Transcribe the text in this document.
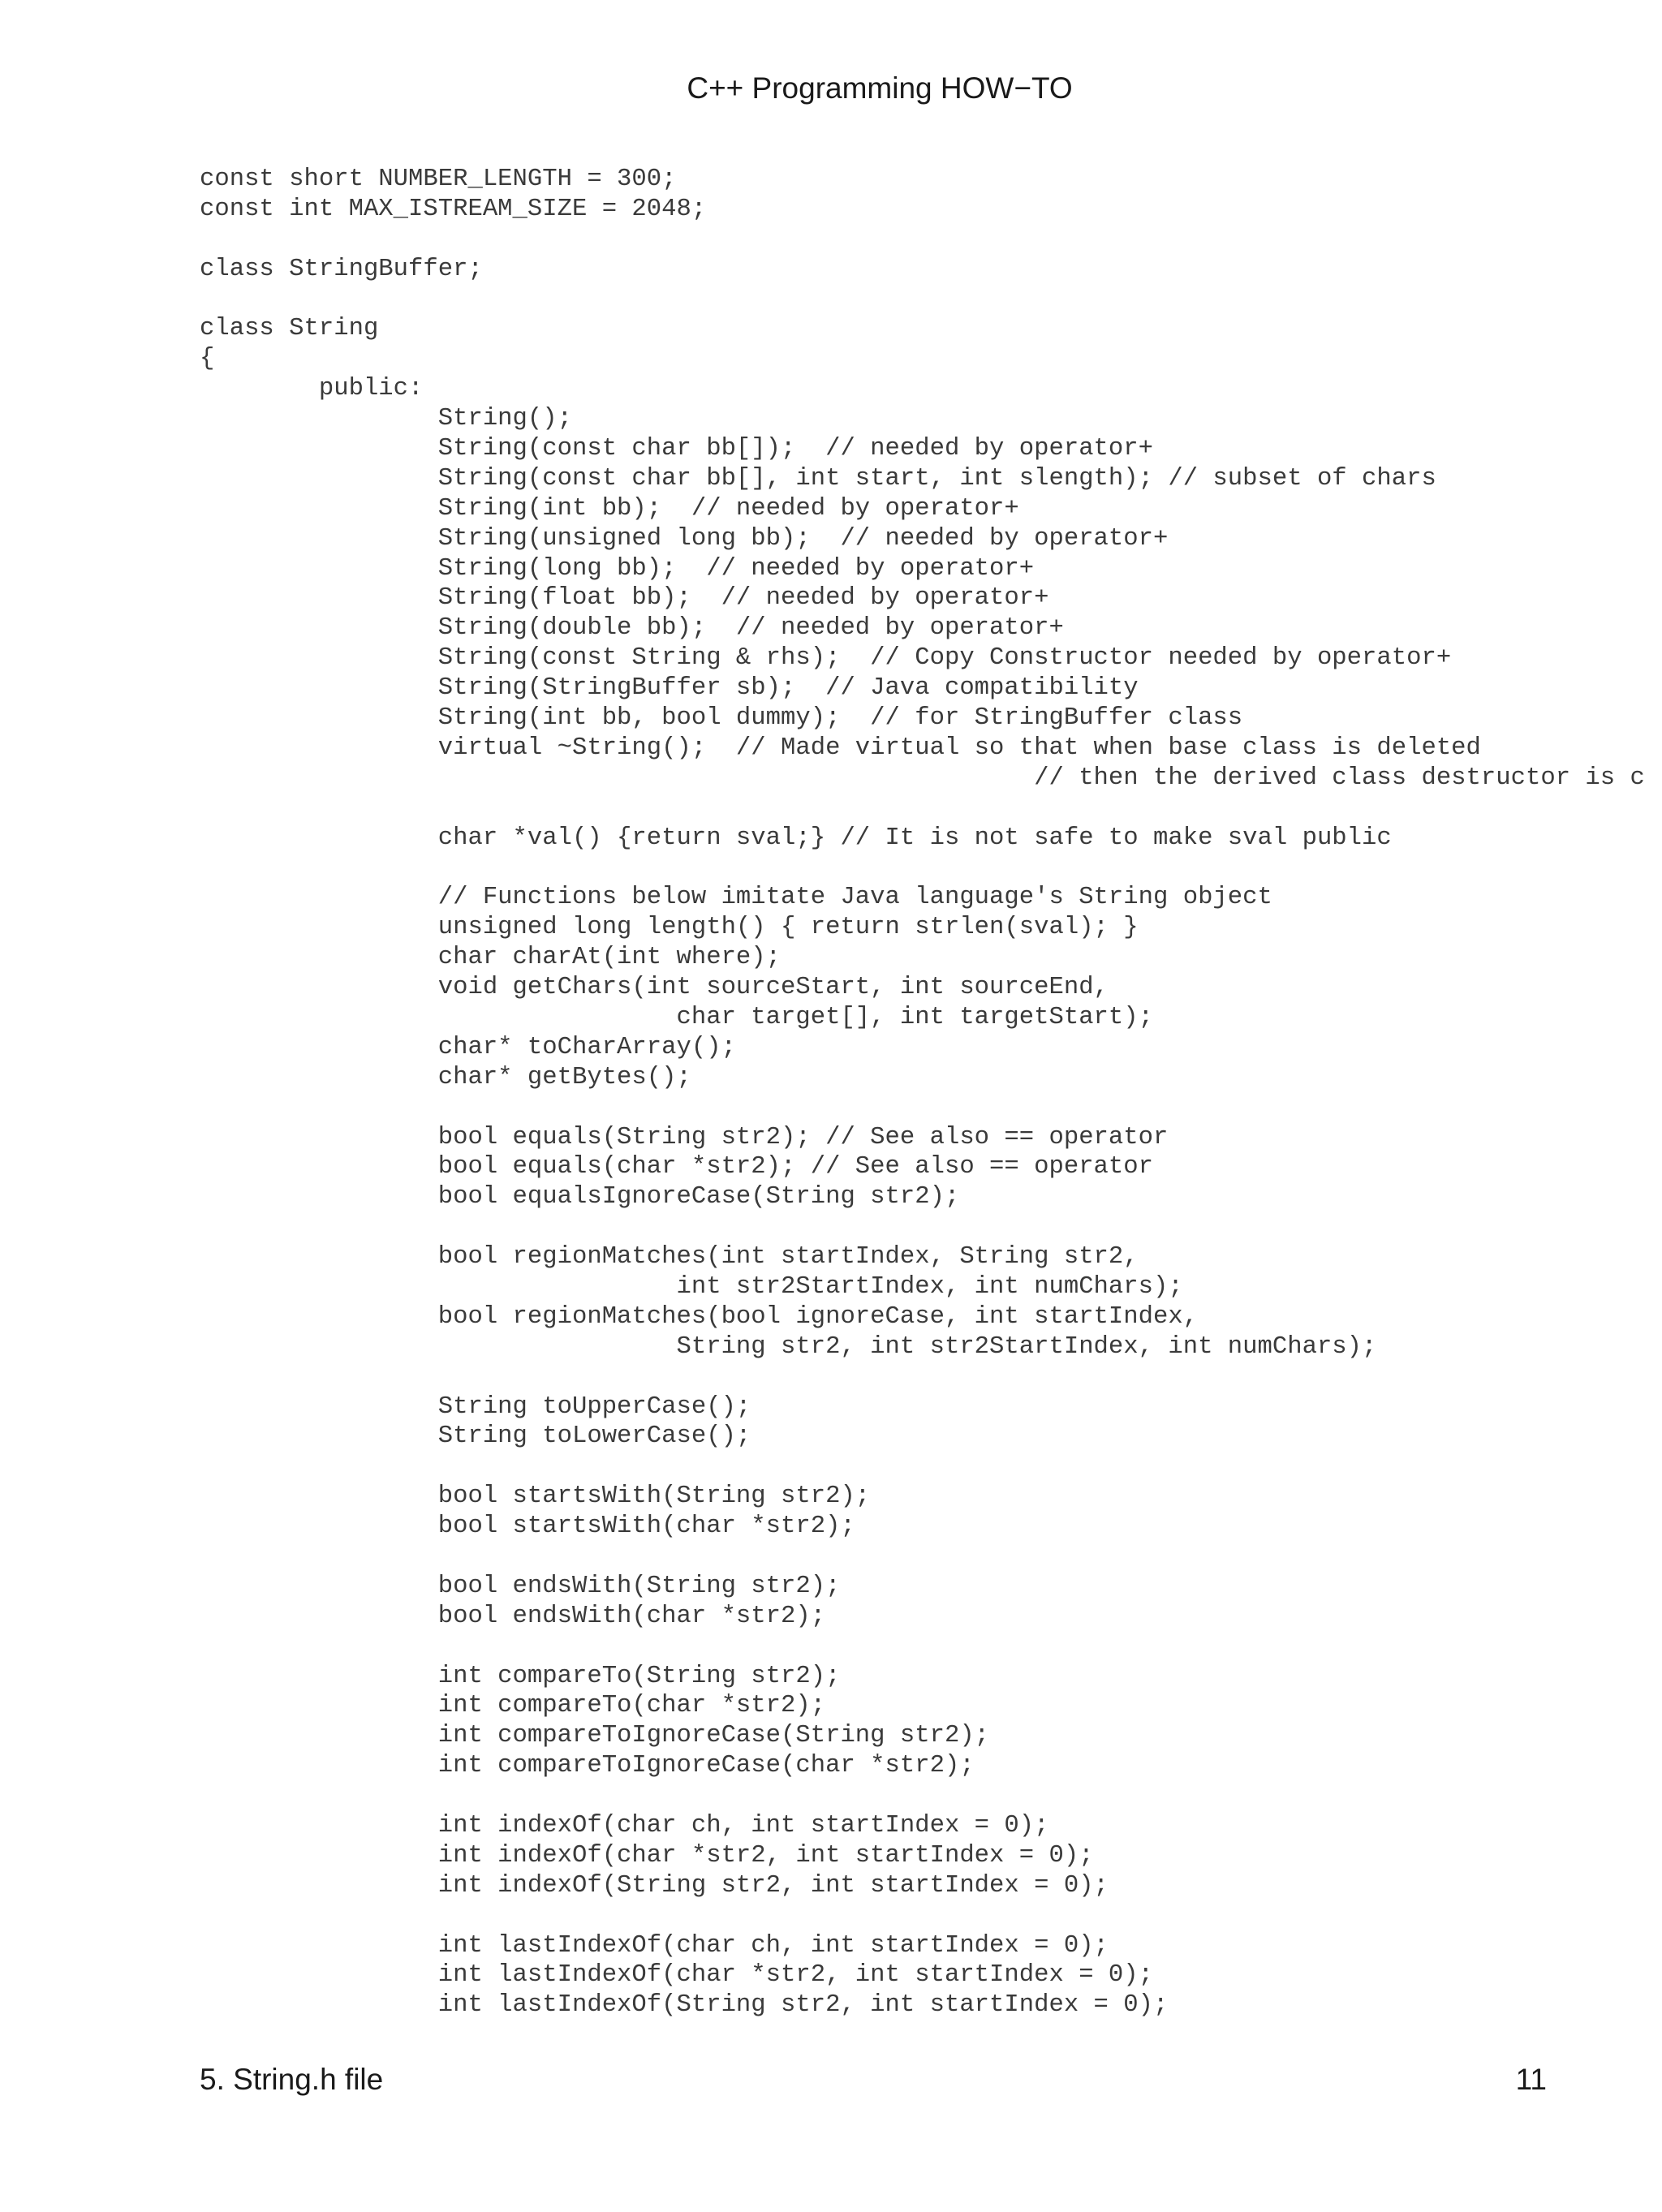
C++ Programming HOW−TO
const short NUMBER_LENGTH = 300;
const int MAX_ISTREAM_SIZE = 2048;

class StringBuffer;

class String
{
public:
String();
String(const char bb[]);  // needed by operator+
String(const char bb[], int start, int slength); // subset of chars
String(int bb);  // needed by operator+
String(unsigned long bb);  // needed by operator+
String(long bb);  // needed by operator+
String(float bb);  // needed by operator+
String(double bb);  // needed by operator+
String(const String & rhs);  // Copy Constructor needed by operator+
String(StringBuffer sb);  // Java compatibility
String(int bb, bool dummy);  // for StringBuffer class
virtual ~String();  // Made virtual so that when base class is deleted
// then the derived class destructor is c

char *val() {return sval;} // It is not safe to make sval public

// Functions below imitate Java language's String object
unsigned long length() { return strlen(sval); }
char charAt(int where);
void getChars(int sourceStart, int sourceEnd,
char target[], int targetStart);
char* toCharArray();
char* getBytes();

bool equals(String str2); // See also == operator
bool equals(char *str2); // See also == operator
bool equalsIgnoreCase(String str2);

bool regionMatches(int startIndex, String str2,
int str2StartIndex, int numChars);
bool regionMatches(bool ignoreCase, int startIndex,
String str2, int str2StartIndex, int numChars);

String toUpperCase();
String toLowerCase();

bool startsWith(String str2);
bool startsWith(char *str2);

bool endsWith(String str2);
bool endsWith(char *str2);

int compareTo(String str2);
int compareTo(char *str2);
int compareToIgnoreCase(String str2);
int compareToIgnoreCase(char *str2);

int indexOf(char ch, int startIndex = 0);
int indexOf(char *str2, int startIndex = 0);
int indexOf(String str2, int startIndex = 0);

int lastIndexOf(char ch, int startIndex = 0);
int lastIndexOf(char *str2, int startIndex = 0);
int lastIndexOf(String str2, int startIndex = 0);
5. String.h file	11
